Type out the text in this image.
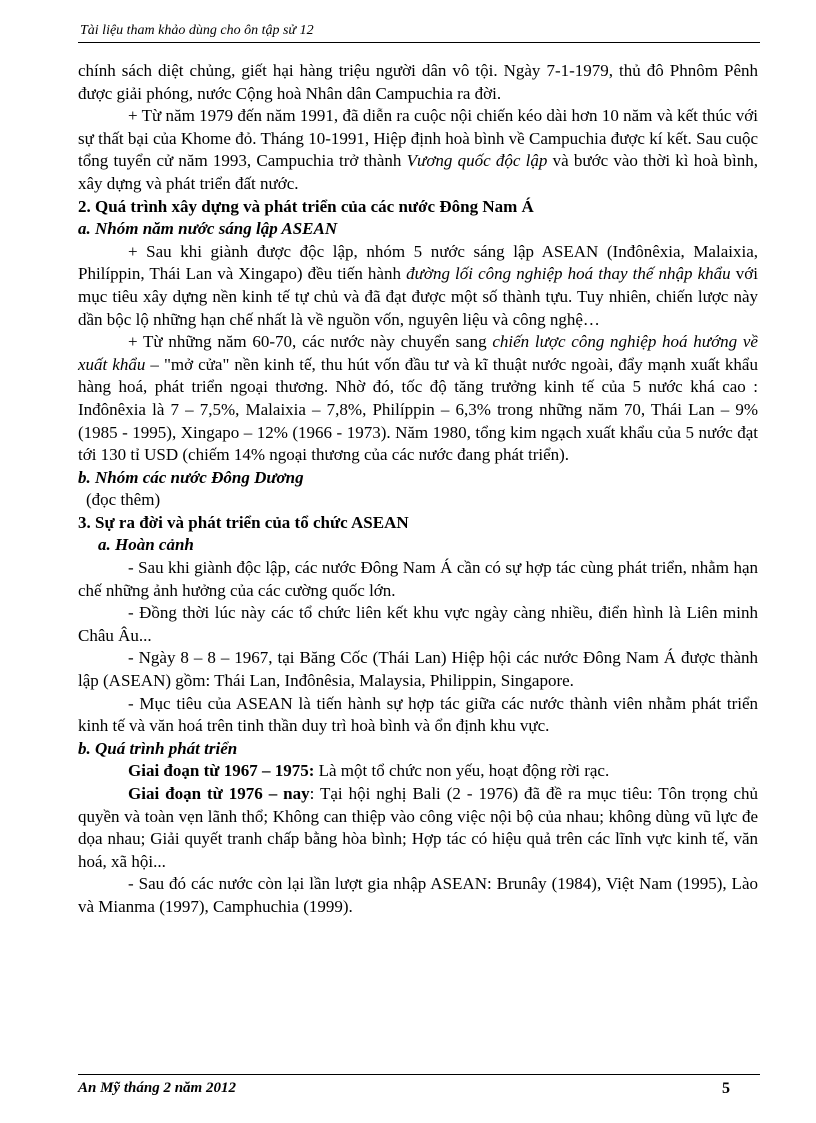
Tài liệu tham khảo dùng cho ôn tập sử 12

chính sách diệt chủng, giết hại hàng triệu người dân vô tội. Ngày 7-1-1979, thủ đô Phnôm Pênh được giải phóng, nước Cộng hoà Nhân dân Campuchia ra đời.

+ Từ năm 1979 đến năm 1991, đã diễn ra cuộc nội chiến kéo dài hơn 10 năm và kết thúc với sự thất bại của Khome đỏ. Tháng 10-1991, Hiệp định hoà bình về Campuchia được kí kết. Sau cuộc tổng tuyển cử năm 1993, Campuchia trở thành Vương quốc độc lập và bước vào thời kì hoà bình, xây dựng và phát triển đất nước.

2. Quá trình xây dựng và phát triển của các nước Đông Nam Á

a. Nhóm năm nước sáng lập ASEAN

+ Sau khi giành được độc lập, nhóm 5 nước sáng lập ASEAN (Inđônêxia, Malaixia, Philíppin, Thái Lan và Xingapo) đều tiến hành đường lối công nghiệp hoá thay thế nhập khẩu với mục tiêu xây dựng nền kinh tế tự chủ và đã đạt được một số thành tựu. Tuy nhiên, chiến lược này dần bộc lộ những hạn chế nhất là về nguồn vốn, nguyên liệu và công nghệ…

+ Từ những năm 60-70, các nước này chuyển sang chiến lược công nghiệp hoá hướng về xuất khẩu – "mở cửa" nền kinh tế, thu hút vốn đầu tư và kĩ thuật nước ngoài, đẩy mạnh xuất khẩu hàng hoá, phát triển ngoại thương. Nhờ đó, tốc độ tăng trưởng kinh tế của 5 nước khá cao : Inđônêxia là 7 – 7,5%, Malaixia – 7,8%, Philíppin – 6,3% trong những năm 70, Thái Lan – 9% (1985 - 1995), Xingapo – 12% (1966 - 1973). Năm 1980, tổng kim ngạch xuất khẩu của 5 nước đạt tới 130 tỉ USD (chiếm 14% ngoại thương của các nước đang phát triển).

b. Nhóm các nước Đông Dương

(đọc thêm)

3. Sự ra đời và phát triển của tổ chức ASEAN

a. Hoàn cảnh

- Sau khi giành độc lập, các nước Đông Nam Á cần có sự hợp tác cùng phát triển, nhằm hạn chế những ảnh hưởng của các cường quốc lớn.

- Đồng thời lúc này các tổ chức liên kết khu vực ngày càng nhiều, điển hình là Liên minh Châu Âu...

- Ngày 8 – 8 – 1967, tại Băng Cốc (Thái Lan) Hiệp hội các nước Đông Nam Á được thành lập (ASEAN) gồm: Thái Lan, Inđônêsia, Malaysia, Philippin, Singapore.

- Mục tiêu của ASEAN là tiến hành sự hợp tác giữa các nước thành viên nhằm phát triển kinh tế và văn hoá trên tinh thần duy trì hoà bình và ổn định khu vực.

b. Quá trình phát triển

Giai đoạn từ 1967 – 1975: Là một tổ chức non yếu, hoạt động rời rạc.

Giai đoạn từ 1976 – nay: Tại hội nghị Bali (2 - 1976) đã đề ra mục tiêu: Tôn trọng chủ quyền và toàn vẹn lãnh thổ; Không can thiệp vào công việc nội bộ của nhau; không dùng vũ lực đe dọa nhau; Giải quyết tranh chấp bằng hòa bình; Hợp tác có hiệu quả trên các lĩnh vực kinh tế, văn hoá, xã hội...

- Sau đó các nước còn lại lần lượt gia nhập ASEAN: Brunây (1984), Việt Nam (1995), Lào và Mianma (1997), Camphuchia (1999).

An Mỹ tháng 2 năm 2012	5
